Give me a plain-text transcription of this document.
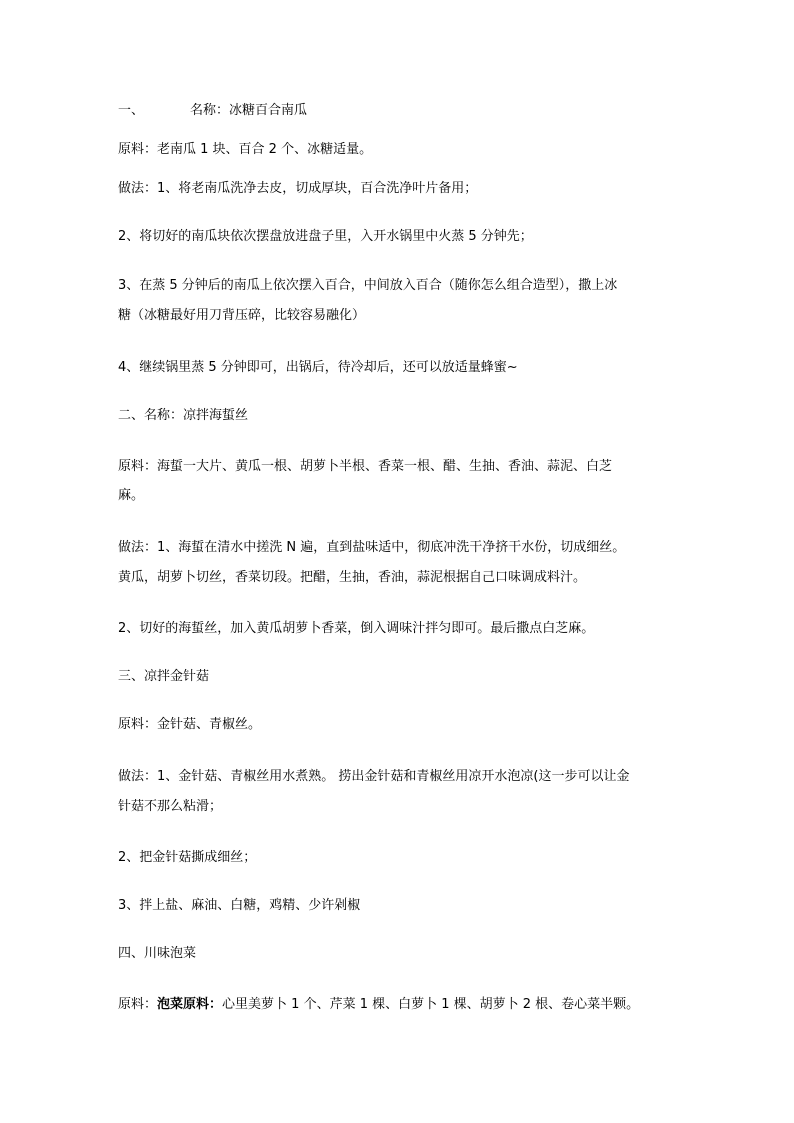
一、	名称：冰糖百合南瓜
原料：老南瓜 1 块、百合 2 个、冰糖适量。
做法：1、将老南瓜洗净去皮，切成厚块，百合洗净叶片备用；
2、将切好的南瓜块依次摆盘放进盘子里，入开水锅里中火蒸 5 分钟先；
3、在蒸 5 分钟后的南瓜上依次摆入百合，中间放入百合（随你怎么组合造型），撒上冰
糖（冰糖最好用刀背压碎，比较容易融化）
4、继续锅里蒸 5 分钟即可，出锅后，待冷却后，还可以放适量蜂蜜~
二、名称：凉拌海蜇丝
原料：海蜇一大片、黄瓜一根、胡萝卜半根、香菜一根、醋、生抽、香油、蒜泥、白芝
麻。
做法：1、海蜇在清水中搓洗 N 遍，直到盐味适中，彻底冲洗干净挤干水份，切成细丝。
黄瓜，胡萝卜切丝，香菜切段。把醋，生抽，香油，蒜泥根据自己口味调成料汁。
2、切好的海蜇丝，加入黄瓜胡萝卜香菜，倒入调味汁拌匀即可。最后撒点白芝麻。
三、凉拌金针菇
原料：金针菇、青椒丝。
做法：1、金针菇、青椒丝用水煮熟。 捞出金针菇和青椒丝用凉开水泡凉(这一步可以让金
针菇不那么粘滑；
2、把金针菇撕成细丝；
3、拌上盐、麻油、白糖，鸡精、少许剁椒
四、川味泡菜
原料：泡菜原料：心里美萝卜 1 个、芹菜 1 棵、白萝卜 1 棵、胡萝卜 2 根、卷心菜半颗。
